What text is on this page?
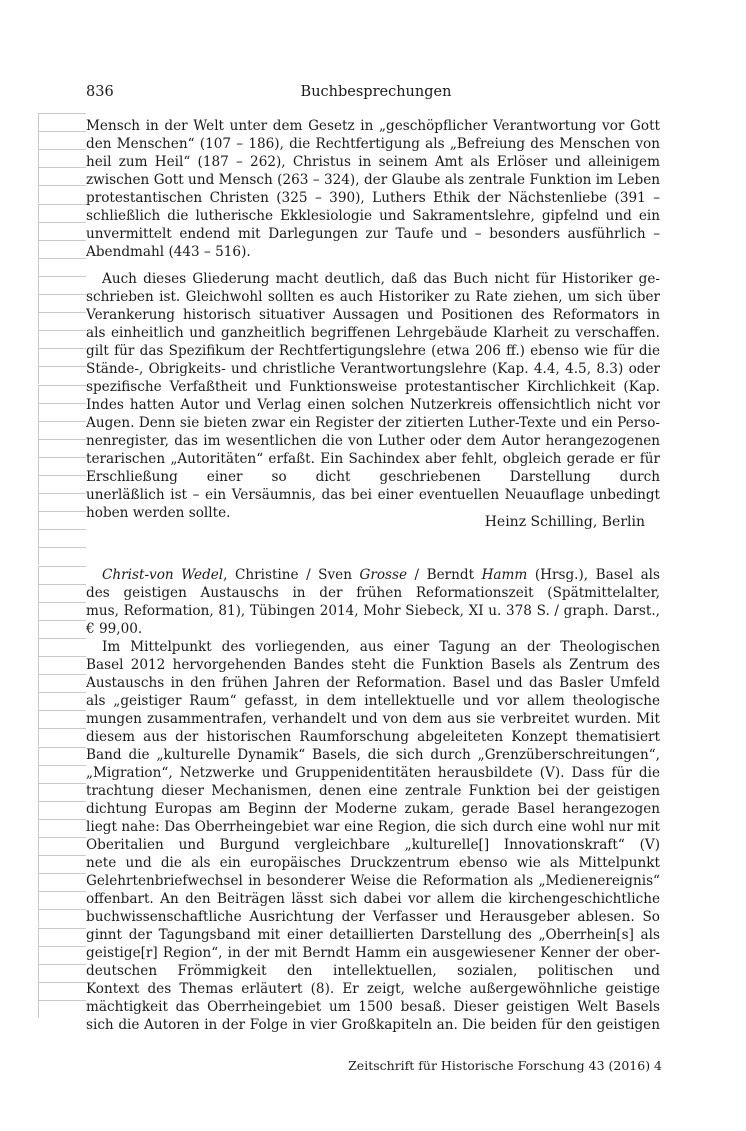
836	Buchbesprechungen
Mensch in der Welt unter dem Gesetz in „geschöpflicher Verantwortung vor Gott
den Menschen“ (107 – 186), die Rechtfertigung als „Befreiung des Menschen von
heil zum Heil“ (187 – 262), Christus in seinem Amt als Erlöser und alleinigem
zwischen Gott und Mensch (263 – 324), der Glaube als zentrale Funktion im Leben
protestantischen Christen (325 – 390), Luthers Ethik der Nächstenliebe (391 –
schließlich die lutherische Ekklesiologie und Sakramentslehre, gipfelnd und ein
unvermittelt endend mit Darlegungen zur Taufe und – besonders ausführlich –
Abendmahl (443 – 516).
Auch dieses Gliederung macht deutlich, daß das Buch nicht für Historiker ge-
schrieben ist. Gleichwohl sollten es auch Historiker zu Rate ziehen, um sich über
Verankerung historisch situativer Aussagen und Positionen des Reformators in
als einheitlich und ganzheitlich begriffenen Lehrgebäude Klarheit zu verschaffen.
gilt für das Spezifikum der Rechtfertigungslehre (etwa 206 ff.) ebenso wie für die
Stände-, Obrigkeits- und christliche Verantwortungslehre (Kap. 4.4, 4.5, 8.3) oder
spezifische Verfaßtheit und Funktionsweise protestantischer Kirchlichkeit (Kap.
Indes hatten Autor und Verlag einen solchen Nutzerkreis offensichtlich nicht vor
Augen. Denn sie bieten zwar ein Register der zitierten Luther-Texte und ein Perso-
nenregister, das im wesentlichen die von Luther oder dem Autor herangezogenen
terarischen „Autoritäten“ erfaßt. Ein Sachindex aber fehlt, obgleich gerade er für
Erschließung einer so dicht geschriebenen Darstellung durch
unerläßlich ist – ein Versäumnis, das bei einer eventuellen Neuauflage unbedingt
hoben werden sollte.
Heinz Schilling, Berlin
Christ-von Wedel, Christine / Sven Grosse / Berndt Hamm (Hrsg.), Basel als
des geistigen Austauschs in der frühen Reformationszeit (Spätmittelalter,
mus, Reformation, 81), Tübingen 2014, Mohr Siebeck, XI u. 378 S. / graph. Darst.,
€ 99,00.
Im Mittelpunkt des vorliegenden, aus einer Tagung an der Theologischen
Basel 2012 hervorgehenden Bandes steht die Funktion Basels als Zentrum des
Austauschs in den frühen Jahren der Reformation. Basel und das Basler Umfeld
als „geistiger Raum“ gefasst, in dem intellektuelle und vor allem theologische
mungen zusammentrafen, verhandelt und von dem aus sie verbreitet wurden. Mit
diesem aus der historischen Raumforschung abgeleiteten Konzept thematisiert
Band die „kulturelle Dynamik“ Basels, die sich durch „Grenzüberschreitungen“,
„Migration“, Netzwerke und Gruppenidentitäten herausbildete (V). Dass für die
trachtung dieser Mechanismen, denen eine zentrale Funktion bei der geistigen
dichtung Europas am Beginn der Moderne zukam, gerade Basel herangezogen
liegt nahe: Das Oberrheingebiet war eine Region, die sich durch eine wohl nur mit
Oberitalien und Burgund vergleichbare „kulturelle[] Innovationskraft“ (V)
nete und die als ein europäisches Druckzentrum ebenso wie als Mittelpunkt
Gelehrtenbriefwechsel in besonderer Weise die Reformation als „Medienereignis“
offenbart. An den Beiträgen lässt sich dabei vor allem die kirchengeschichtliche
buchwissenschaftliche Ausrichtung der Verfasser und Herausgeber ablesen. So
ginnt der Tagungsband mit einer detaillierten Darstellung des „Oberrhein[s] als
geistige[r] Region“, in der mit Berndt Hamm ein ausgewiesener Kenner der ober-
deutschen Frömmigkeit den intellektuellen, sozialen, politischen und
Kontext des Themas erläutert (8). Er zeigt, welche außergewöhnliche geistige
mächtigkeit das Oberrheingebiet um 1500 besaß. Dieser geistigen Welt Basels
sich die Autoren in der Folge in vier Großkapiteln an. Die beiden für den geistigen
Zeitschrift für Historische Forschung 43 (2016) 4
